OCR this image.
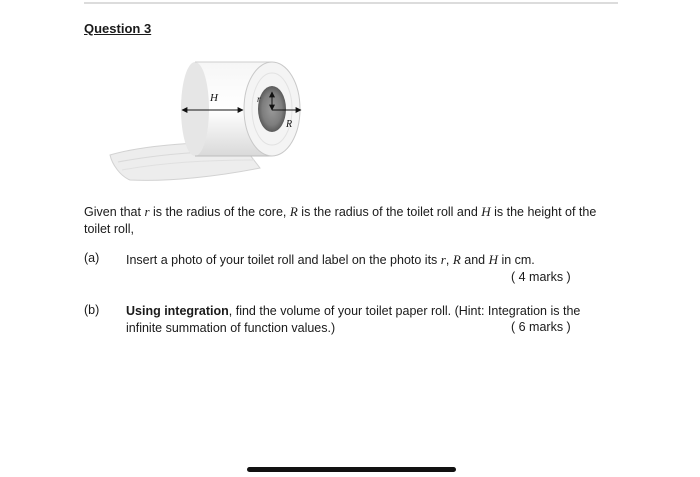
Question 3
H	r
R
Given that r is the radius of the core, R is the radius of the toilet roll and H is the height of the toilet roll,
(a) Insert a photo of your toilet roll and label on the photo its r, R and H in cm.
( 4 marks )
(b) Using integration, find the volume of your toilet paper roll. (Hint: Integration is the infinite summation of function values.)	( 6 marks )
